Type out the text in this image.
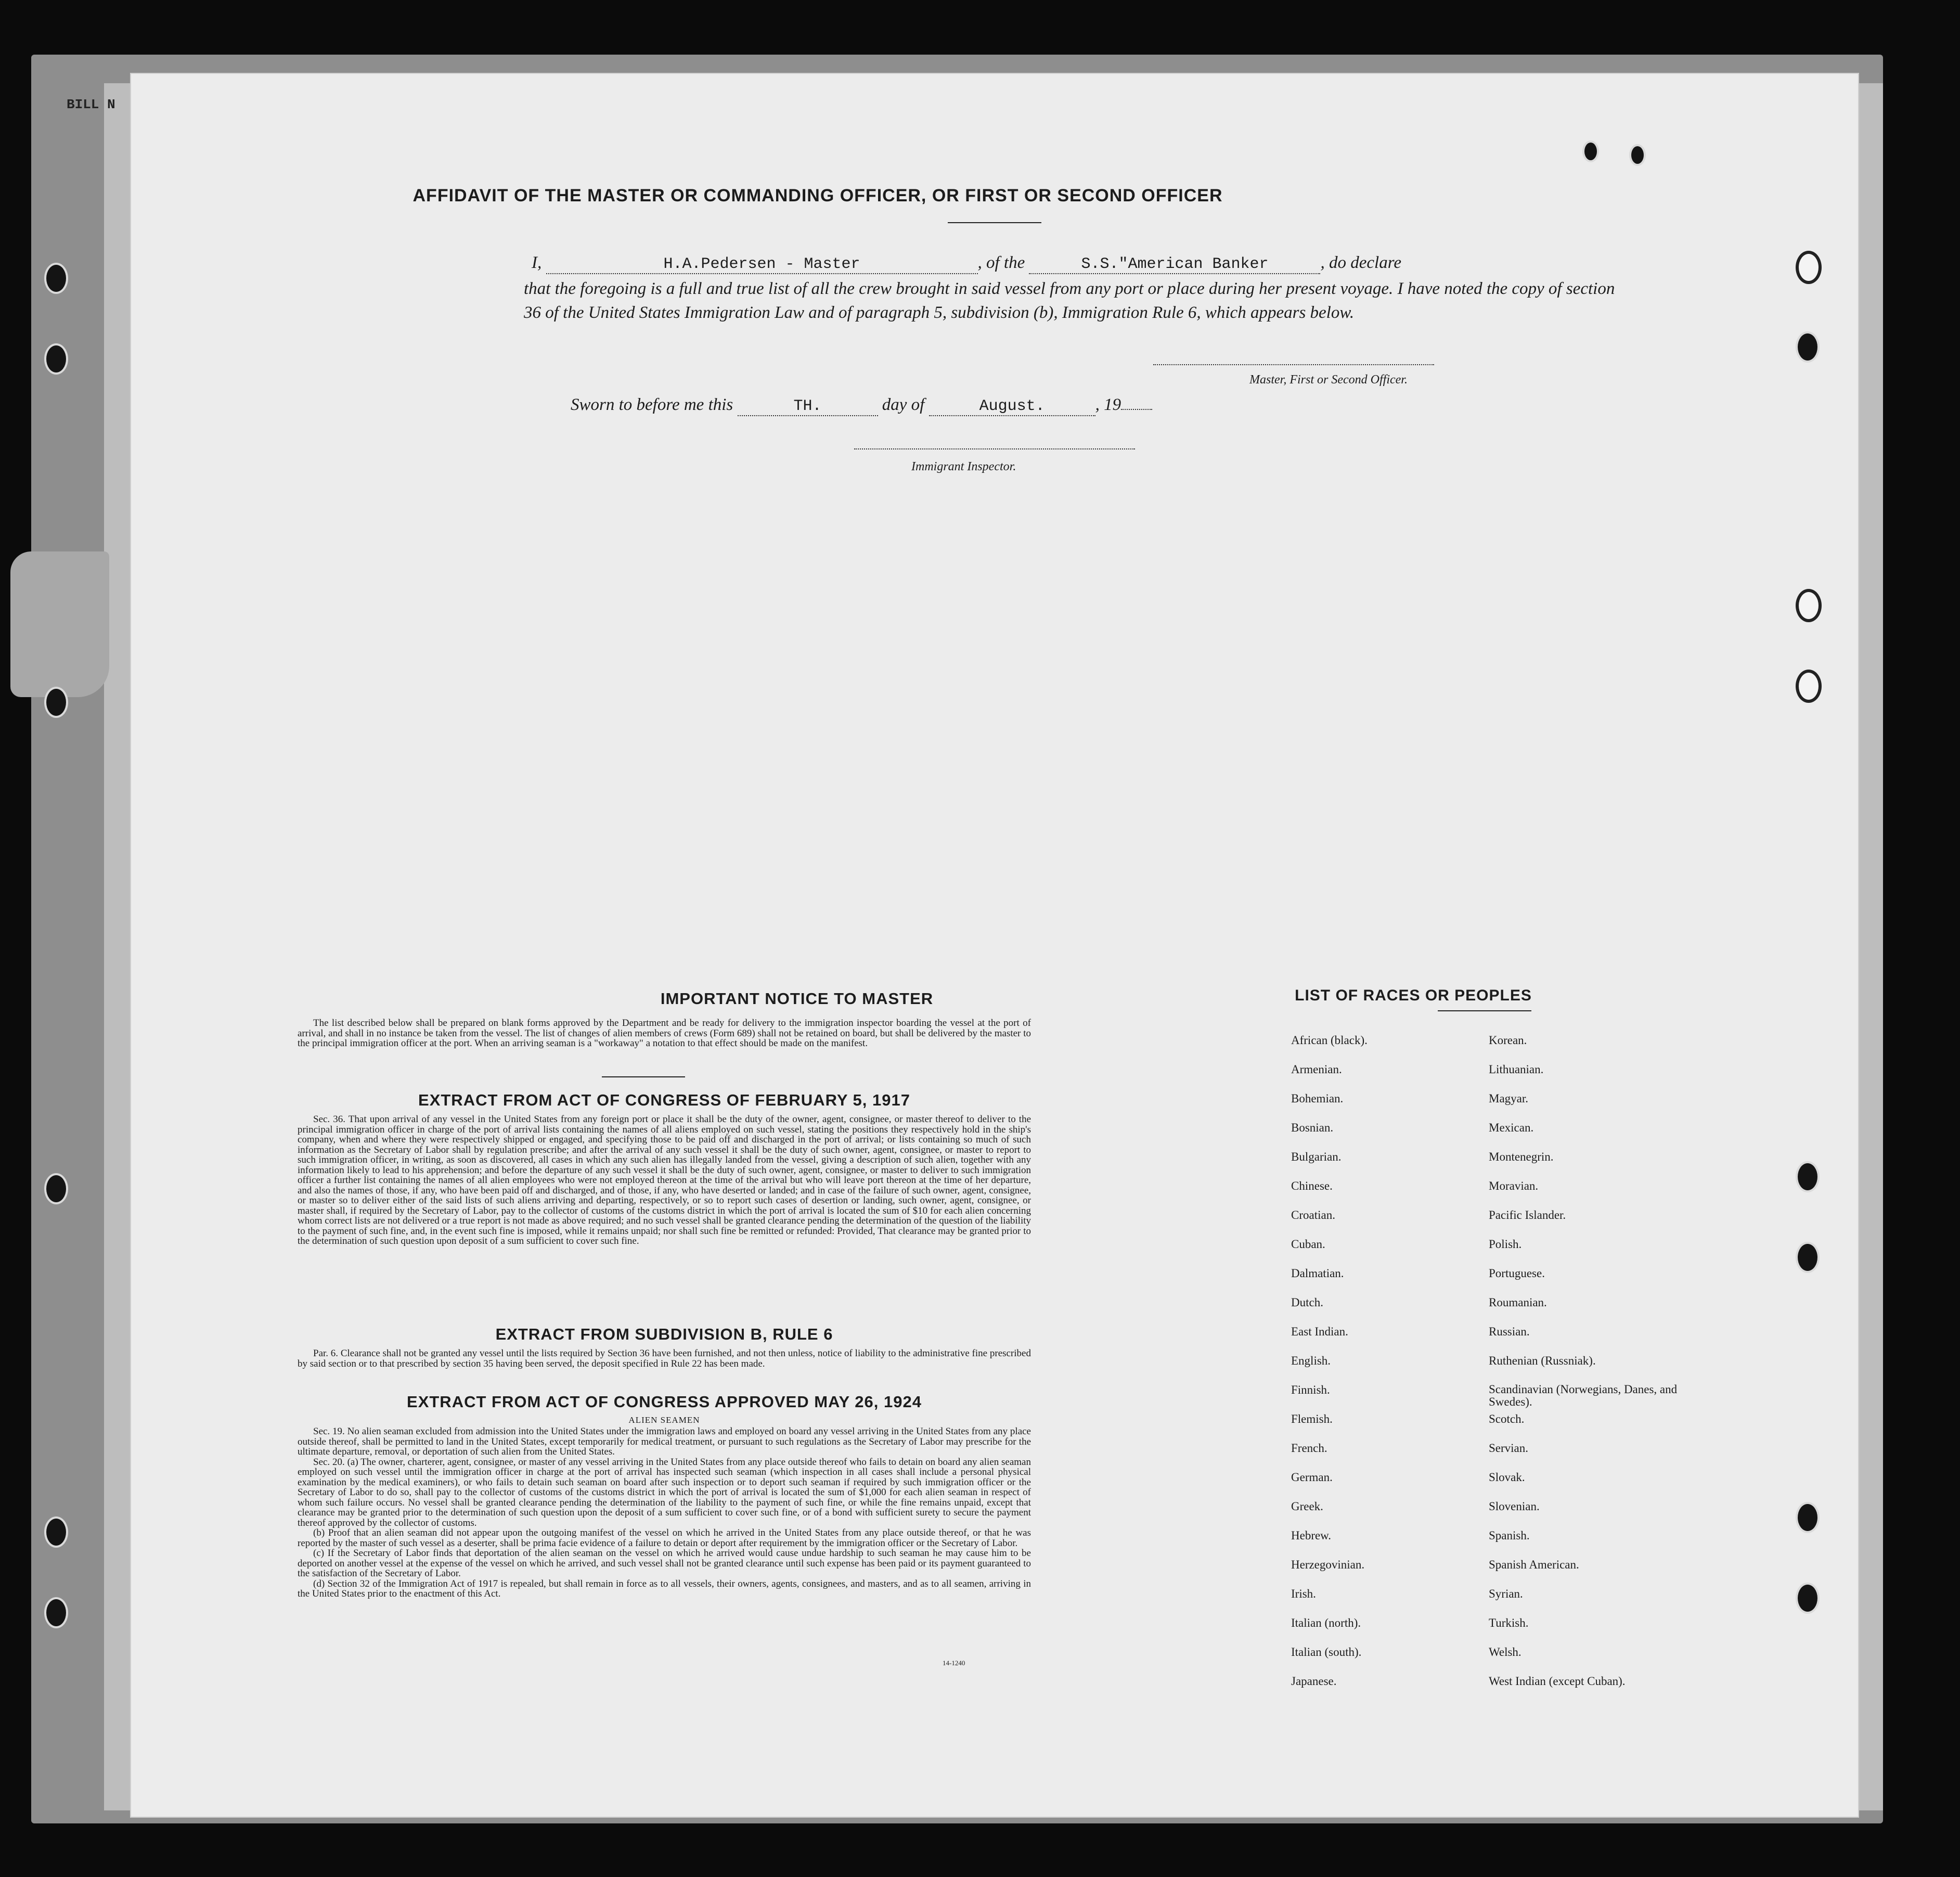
BILL N
AFFIDAVIT OF THE MASTER OR COMMANDING OFFICER, OR FIRST OR SECOND OFFICER
I,	H.A.Pedersen - Master	, of the	S.S."American Banker	, do declare
that the foregoing is a full and true list of all the crew brought in said vessel from any port or place during her present voyage. I have noted the copy of section 36 of the United States Immigration Law and of paragraph 5, subdivision (b), Immigration Rule 6, which appears below.
Master, First or Second Officer.
Sworn to before me this	TH.	day of	August.	, 19
Immigrant Inspector.
IMPORTANT NOTICE TO MASTER

The list described below shall be prepared on blank forms approved by the Department and be ready for delivery to the immigration inspector boarding the vessel at the port of arrival, and shall in no instance be taken from the vessel. The list of changes of alien members of crews (Form 689) shall not be retained on board, but shall be delivered by the master to the principal immigration officer at the port. When an arriving seaman is a "workaway" a notation to that effect should be made on the manifest.

EXTRACT FROM ACT OF CONGRESS OF FEBRUARY 5, 1917

Sec. 36. That upon arrival of any vessel in the United States from any foreign port or place it shall be the duty of the owner, agent, consignee, or master thereof to deliver to the principal immigration officer in charge of the port of arrival lists containing the names of all aliens employed on such vessel, stating the positions they respectively hold in the ship's company, when and where they were respectively shipped or engaged, and specifying those to be paid off and discharged in the port of arrival; or lists containing so much of such information as the Secretary of Labor shall by regulation prescribe; and after the arrival of any such vessel it shall be the duty of such owner, agent, consignee, or master to report to such immigration officer, in writing, as soon as discovered, all cases in which any such alien has illegally landed from the vessel, giving a description of such alien, together with any information likely to lead to his apprehension; and before the departure of any such vessel it shall be the duty of such owner, agent, consignee, or master to deliver to such immigration officer a further list containing the names of all alien employees who were not employed thereon at the time of the arrival but who will leave port thereon at the time of her departure, and also the names of those, if any, who have been paid off and discharged, and of those, if any, who have deserted or landed; and in case of the failure of such owner, agent, consignee, or master so to deliver either of the said lists of such aliens arriving and departing, respectively, or so to report such cases of desertion or landing, such owner, agent, consignee, or master shall, if required by the Secretary of Labor, pay to the collector of customs of the customs district in which the port of arrival is located the sum of $10 for each alien concerning whom correct lists are not delivered or a true report is not made as above required; and no such vessel shall be granted clearance pending the determination of the question of the liability to the payment of such fine, and, in the event such fine is imposed, while it remains unpaid; nor shall such fine be remitted or refunded: Provided, That clearance may be granted prior to the determination of such question upon deposit of a sum sufficient to cover such fine.

EXTRACT FROM SUBDIVISION B, RULE 6

Par. 6. Clearance shall not be granted any vessel until the lists required by Section 36 have been furnished, and not then unless, notice of liability to the administrative fine prescribed by said section or to that prescribed by section 35 having been served, the deposit specified in Rule 22 has been made.

EXTRACT FROM ACT OF CONGRESS APPROVED MAY 26, 1924
ALIEN SEAMEN

Sec. 19. No alien seaman excluded from admission into the United States under the immigration laws and employed on board any vessel arriving in the United States from any place outside thereof, shall be permitted to land in the United States, except temporarily for medical treatment, or pursuant to such regulations as the Secretary of Labor may prescribe for the ultimate departure, removal, or deportation of such alien from the United States.

Sec. 20. (a) The owner, charterer, agent, consignee, or master of any vessel arriving in the United States from any place outside thereof who fails to detain on board any alien seaman employed on such vessel until the immigration officer in charge at the port of arrival has inspected such seaman (which inspection in all cases shall include a personal physical examination by the medical examiners), or who fails to detain such seaman on board after such inspection or to deport such seaman if required by such immigration officer or the Secretary of Labor to do so, shall pay to the collector of customs of the customs district in which the port of arrival is located the sum of $1,000 for each alien seaman in respect of whom such failure occurs. No vessel shall be granted clearance pending the determination of the liability to the payment of such fine, or while the fine remains unpaid, except that clearance may be granted prior to the determination of such question upon the deposit of a sum sufficient to cover such fine, or of a bond with sufficient surety to secure the payment thereof approved by the collector of customs.

(b) Proof that an alien seaman did not appear upon the outgoing manifest of the vessel on which he arrived in the United States from any place outside thereof, or that he was reported by the master of such vessel as a deserter, shall be prima facie evidence of a failure to detain or deport after requirement by the immigration officer or the Secretary of Labor.

(c) If the Secretary of Labor finds that deportation of the alien seaman on the vessel on which he arrived would cause undue hardship to such seaman he may cause him to be deported on another vessel at the expense of the vessel on which he arrived, and such vessel shall not be granted clearance until such expense has been paid or its payment guaranteed to the satisfaction of the Secretary of Labor.

(d) Section 32 of the Immigration Act of 1917 is repealed, but shall remain in force as to all vessels, their owners, agents, consignees, and masters, and as to all seamen, arriving in the United States prior to the enactment of this Act.

14-1240
LIST OF RACES OR PEOPLES
African (black).
Armenian.
Bohemian.
Bosnian.
Bulgarian.
Chinese.
Croatian.
Cuban.
Dalmatian.
Dutch.
East Indian.
English.
Finnish.
Flemish.
French.
German.
Greek.
Hebrew.
Herzegovinian.
Irish.
Italian (north).
Italian (south).
Japanese.
Korean.
Lithuanian.
Magyar.
Mexican.
Montenegrin.
Moravian.
Pacific Islander.
Polish.
Portuguese.
Roumanian.
Russian.
Ruthenian (Russniak).
Scandinavian (Norwegians, Danes, and Swedes).
Scotch.
Servian.
Slovak.
Slovenian.
Spanish.
Spanish American.
Syrian.
Turkish.
Welsh.
West Indian (except Cuban).
